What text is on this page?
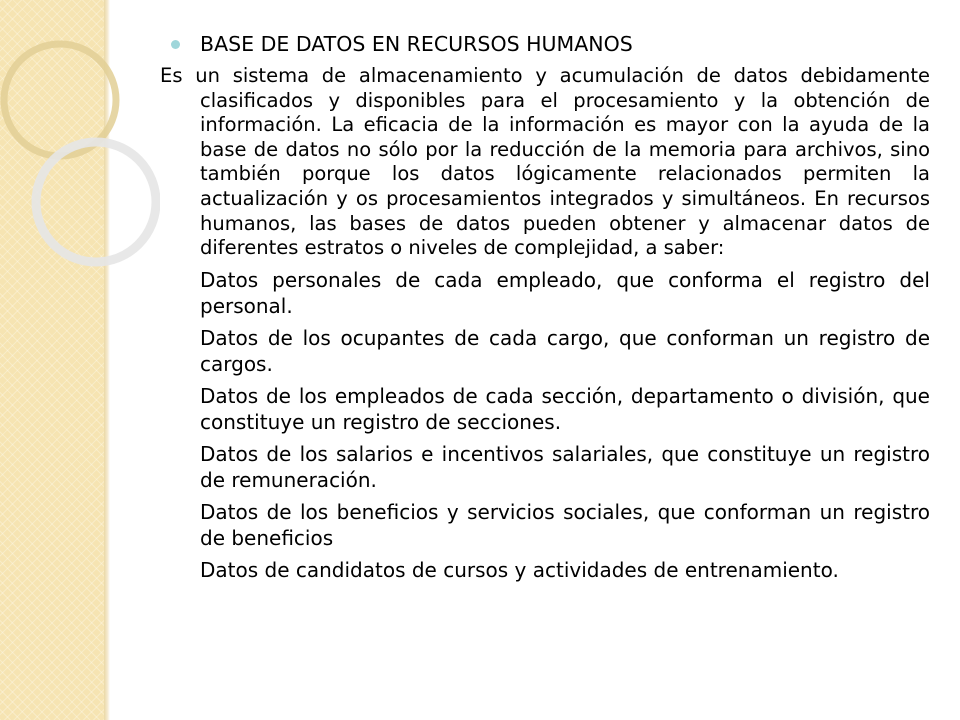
BASE DE DATOS EN RECURSOS HUMANOS

Es un sistema de almacenamiento y acumulación de datos debidamente clasificados y disponibles para el procesamiento y la obtención de información. La eficacia de la información es mayor con la ayuda de la base de datos no sólo por la reducción de la memoria para archivos, sino también porque los datos lógicamente relacionados permiten la actualización y os procesamientos integrados y simultáneos. En recursos humanos, las bases de datos pueden obtener y almacenar datos de diferentes estratos o niveles de complejidad, a saber:

Datos personales de cada empleado, que conforma el registro del personal.

Datos de los ocupantes de cada cargo, que conforman un registro de cargos.

Datos de los empleados de cada sección, departamento o división, que constituye un registro de secciones.

Datos de los salarios e incentivos salariales, que constituye un registro de remuneración.

Datos de los beneficios y servicios sociales, que conforman un registro de beneficios

Datos de candidatos de cursos y actividades de entrenamiento.
